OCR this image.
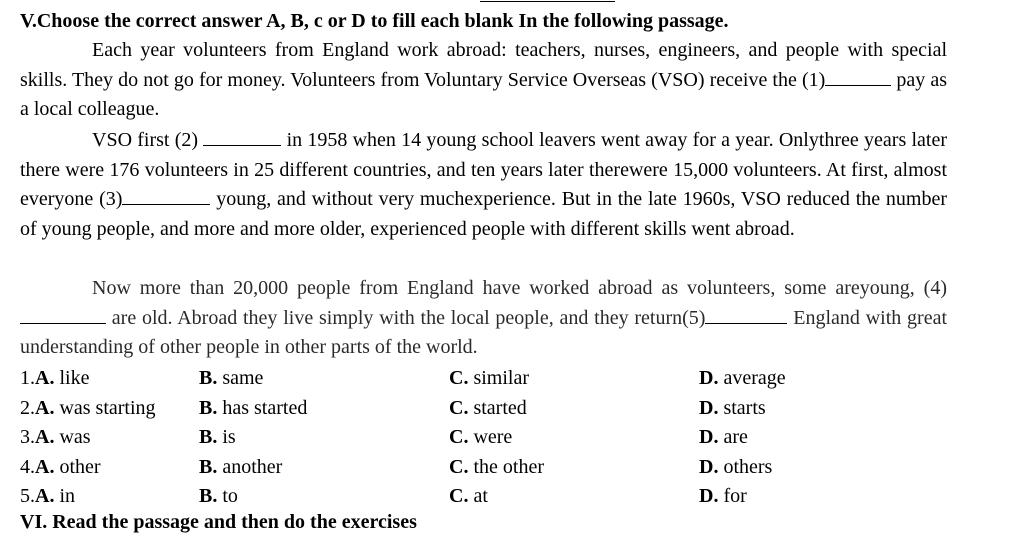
V.Choose the correct answer A, B, c or D to fill each blank In the following passage.

Each year volunteers from England work abroad: teachers, nurses, engineers, and people with special skills. They do not go for money. Volunteers from Voluntary Service Overseas (VSO) receive the (1)	pay as a local colleague.

VSO first (2)	in 1958 when 14 young school leavers went away for a year. Onlythree years later there were 176 volunteers in 25 different countries, and ten years later therewere 15,000 volunteers. At first, almost everyone (3)	young, and without very muchexperience. But in the late 1960s, VSO reduced the number of young people, and more and more older, experienced people with different skills went abroad.

Now more than 20,000 people from England have worked abroad as volunteers, some areyoung, (4) are old. Abroad they live simply with the local people, and they return(5)	England with great understanding of other people in other parts of the world.

1.A. like	B. same	C. similar	D. average
2.A. was starting	B. has started	C. started	D. starts
3.A. was	B. is	C. were	D. are
4.A. other	B. another	C. the other	D. others
5.A. in	B. to	C. at	D. for
VI. Read the passage and then do the exercises
